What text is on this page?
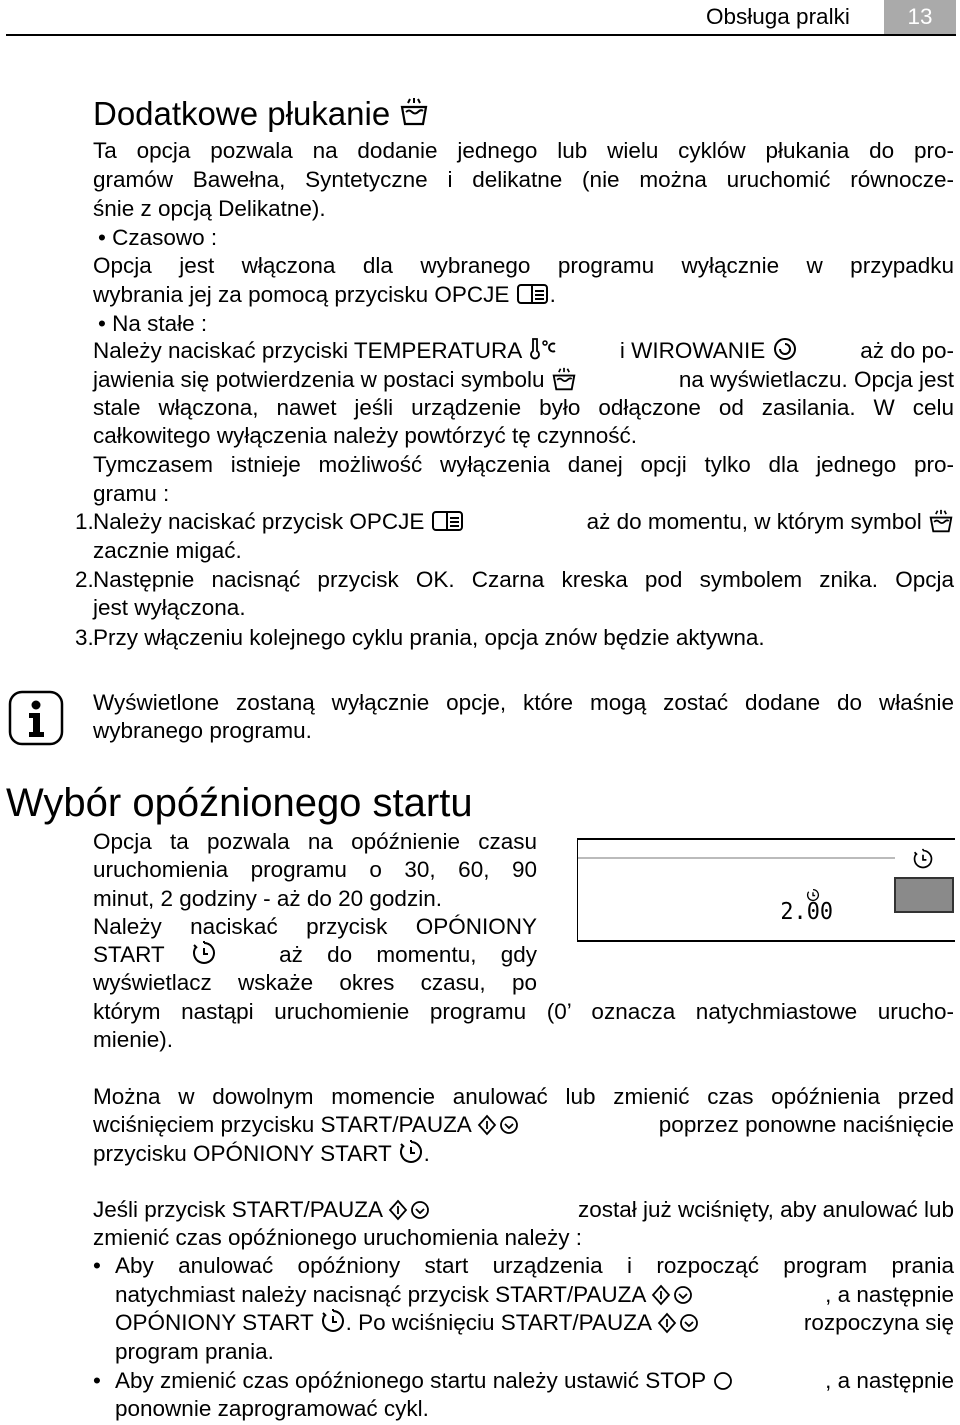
Obsługa pralki	13
Dodatkowe płukanie
Ta opcja pozwala na dodanie jednego lub wielu cyklów płukania do pro-
gramów Bawełna, Syntetyczne i delikatne (nie można uruchomić równocze-
śnie z opcją Delikatne).
• Czasowo :
Opcja jest włączona dla wybranego programu wyłącznie w przypadku
wybrania jej za pomocą przycisku OPCJE .
• Na stałe :
Należy naciskać przyciski TEMPERATURA	i WIROWANIE	aż do po-
jawienia się potwierdzenia w postaci symbolu	na wyświetlaczu. Opcja jest
stale włączona, nawet jeśli urządzenie było odłączone od zasilania. W celu
całkowitego wyłączenia należy powtórzyć tę czynność.
Tymczasem istnieje możliwość wyłączenia danej opcji tylko dla jednego pro-
gramu :
1. Należy naciskać przycisk OPCJE	aż do momentu, w którym symbol
zacznie migać.
2. Następnie nacisnąć przycisk OK. Czarna kreska pod symbolem znika. Opcja
jest wyłączona.
3. Przy włączeniu kolejnego cyklu prania, opcja znów będzie aktywna.
Wyświetlone zostaną wyłącznie opcje, które mogą zostać dodane do właśnie
wybranego programu.
Wybór opóźnionego startu
Opcja ta pozwala na opóźnienie czasu
uruchomienia programu o 30, 60, 90
minut, 2 godziny - aż do 20 godzin.
Należy naciskać przycisk OPÓNIONY
START	aż do momentu, gdy
wyświetlacz wskaże okres czasu, po
którym nastąpi uruchomienie programu (0’ oznacza natychmiastowe urucho-
mienie).
2.00
Można w dowolnym momencie anulować lub zmienić czas opóźnienia przed
wciśnięciem przycisku START/PAUZA	poprzez ponowne naciśnięcie
przycisku OPÓNIONY START .
Jeśli przycisk START/PAUZA	został już wciśnięty, aby anulować lub
zmienić czas opóźnionego uruchomienia należy :
• Aby anulować opóźniony start urządzenia i rozpocząć program prania
natychmiast należy nacisnąć przycisk START/PAUZA	, a następnie
OPÓNIONY START . Po wciśnięciu START/PAUZA	rozpoczyna się
program prania.
• Aby zmienić czas opóźnionego startu należy ustawić STOP	, a następnie
ponownie zaprogramować cykl.
